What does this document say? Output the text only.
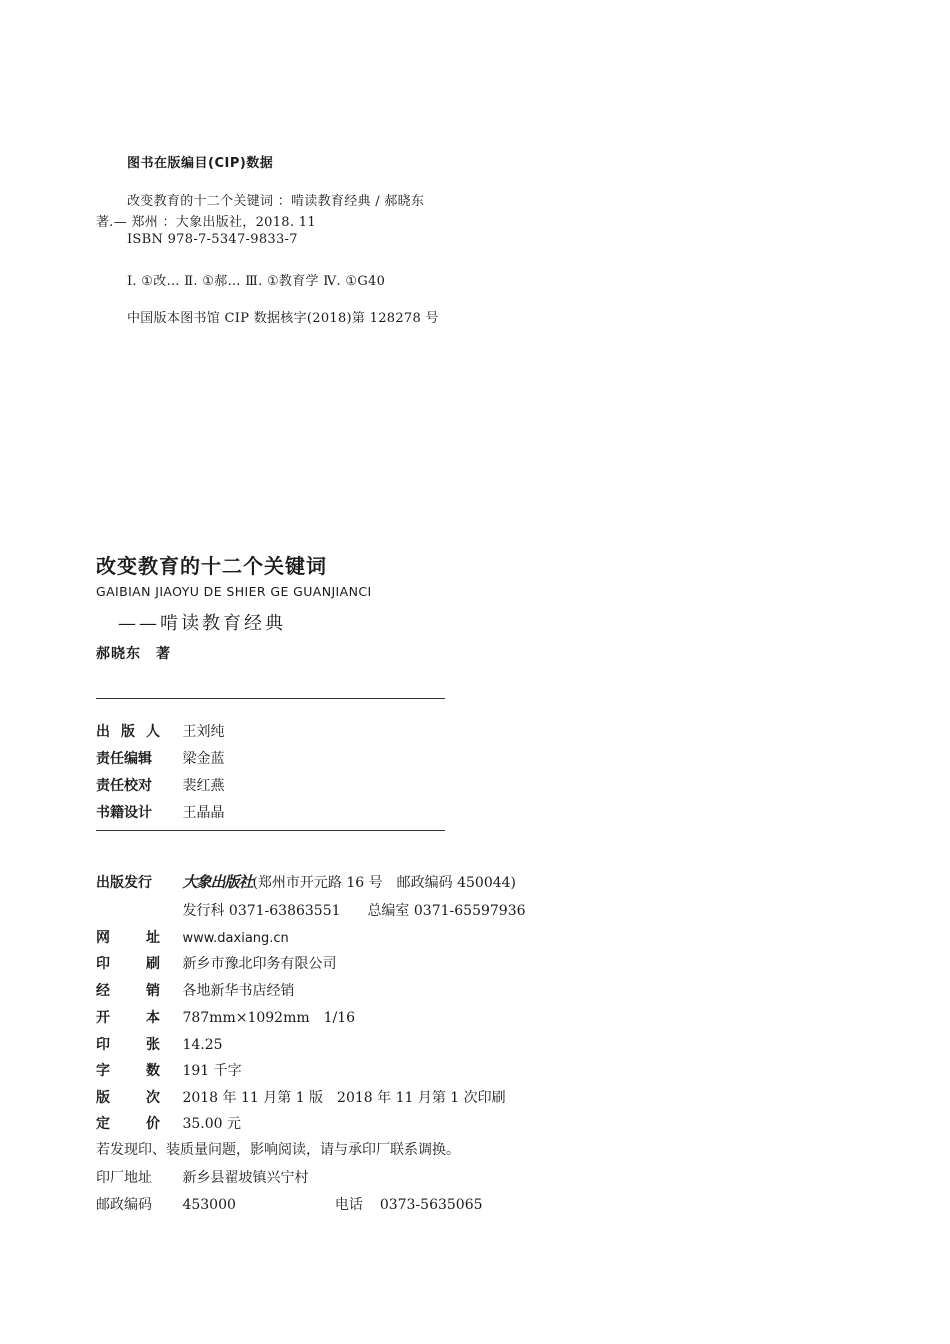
图书在版编目(CIP)数据
改变教育的十二个关键词 ：啃读教育经典 / 郝晓东
著.— 郑州 ：大象出版社，2018. 11
ISBN 978-7-5347-9833-7
Ⅰ. ①改… Ⅱ. ①郝… Ⅲ. ①教育学 Ⅳ. ①G40
中国版本图书馆 CIP 数据核字(2018)第 128278 号
改变教育的十二个关键词
GAIBIAN JIAOYU DE SHIER GE GUANJIANCI
——啃读教育经典
郝晓东　著
出 版 人 王刘纯
责任编辑 梁金蓝
责任校对 裴红燕
书籍设计 王晶晶
出版发行 大象出版社(郑州市开元路 16 号　邮政编码 450044)
发行科 0371-63863551 总编室 0371-65597936
网	址 www.daxiang.cn
印	刷 新乡市豫北印务有限公司
经	销 各地新华书店经销
开	本 787mm×1092mm　1/16
印	张 14.25
字	数 191 千字
版	次 2018 年 11 月第 1 版　2018 年 11 月第 1 次印刷
定	价 35.00 元
若发现印、装质量问题，影响阅读，请与承印厂联系调换。
印厂地址 新乡县翟坡镇兴宁村
邮政编码 453000	电话 0373-5635065
